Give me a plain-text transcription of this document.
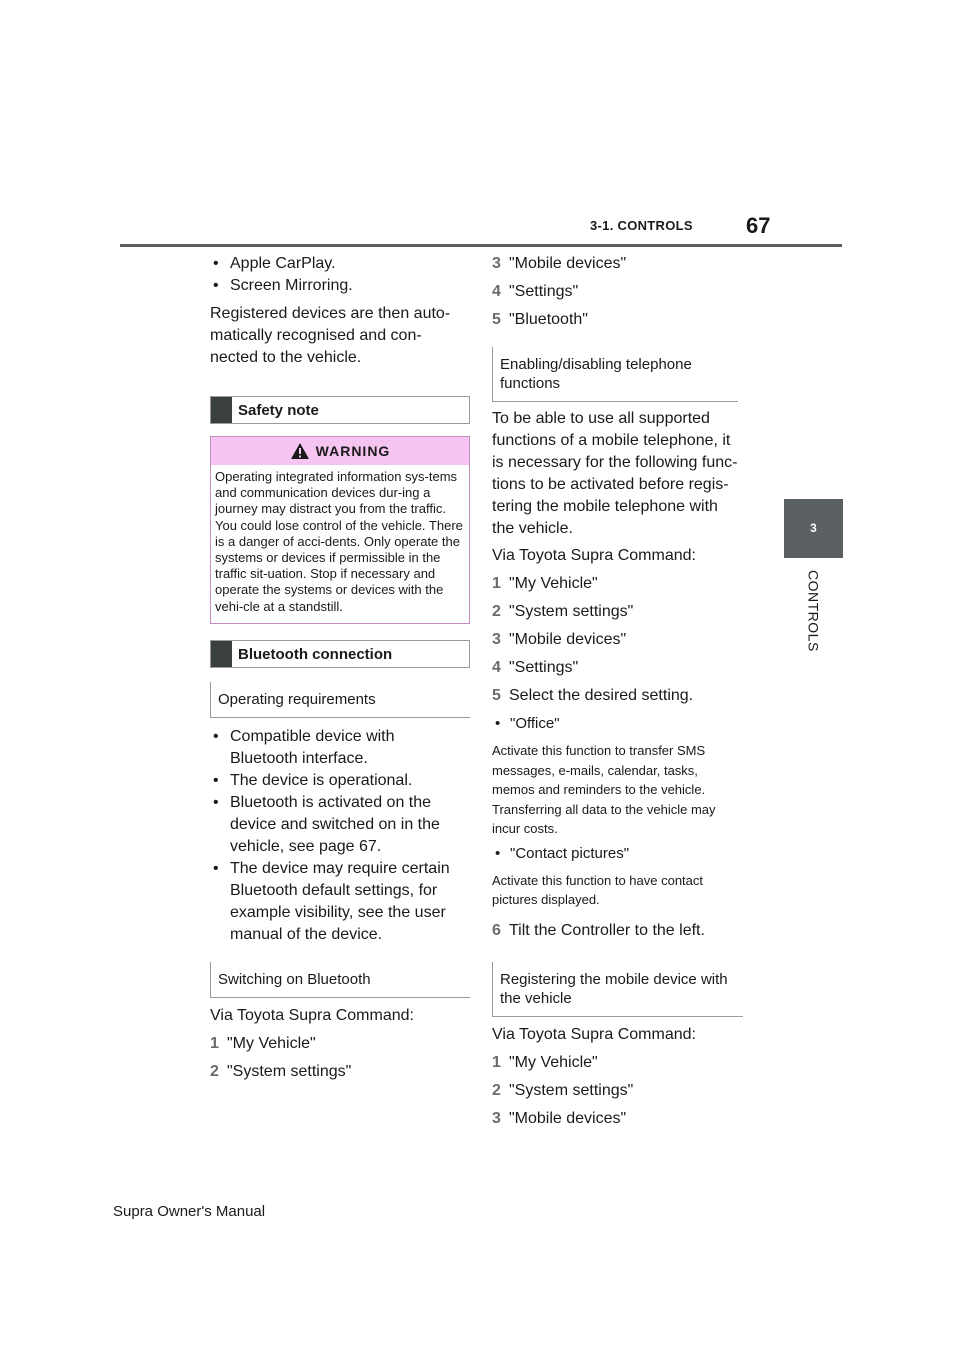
3-1. CONTROLS 67
3
CONTROLS
• Apple CarPlay.
• Screen Mirroring.
Registered devices are then auto-matically recognised and con-nected to the vehicle.
Safety note
WARNING
Operating integrated information sys-tems and communication devices dur-ing a journey may distract you from the traffic. You could lose control of the vehicle. There is a danger of acci-dents. Only operate the systems or devices if permissible in the traffic sit-uation. Stop if necessary and operate the systems or devices with the vehi-cle at a standstill.
Bluetooth connection
Operating requirements
• Compatible device with Bluetooth interface.
• The device is operational.
• Bluetooth is activated on the device and switched on in the vehicle, see page 67.
• The device may require certain Bluetooth default settings, for example visibility, see the user manual of the device.
Switching on Bluetooth
Via Toyota Supra Command:
1 "My Vehicle"
2 "System settings"
3 "Mobile devices"
4 "Settings"
5 "Bluetooth"
Enabling/disabling telephone functions
To be able to use all supported functions of a mobile telephone, it is necessary for the following func-tions to be activated before regis-tering the mobile telephone with the vehicle.
Via Toyota Supra Command:
1 "My Vehicle"
2 "System settings"
3 "Mobile devices"
4 "Settings"
5 Select the desired setting.
• "Office"
Activate this function to transfer SMS messages, e-mails, calendar, tasks, memos and reminders to the vehicle. Transferring all data to the vehicle may incur costs.
• "Contact pictures"
Activate this function to have contact pictures displayed.
6 Tilt the Controller to the left.
Registering the mobile device with the vehicle
Via Toyota Supra Command:
1 "My Vehicle"
2 "System settings"
3 "Mobile devices"
Supra Owner's Manual
